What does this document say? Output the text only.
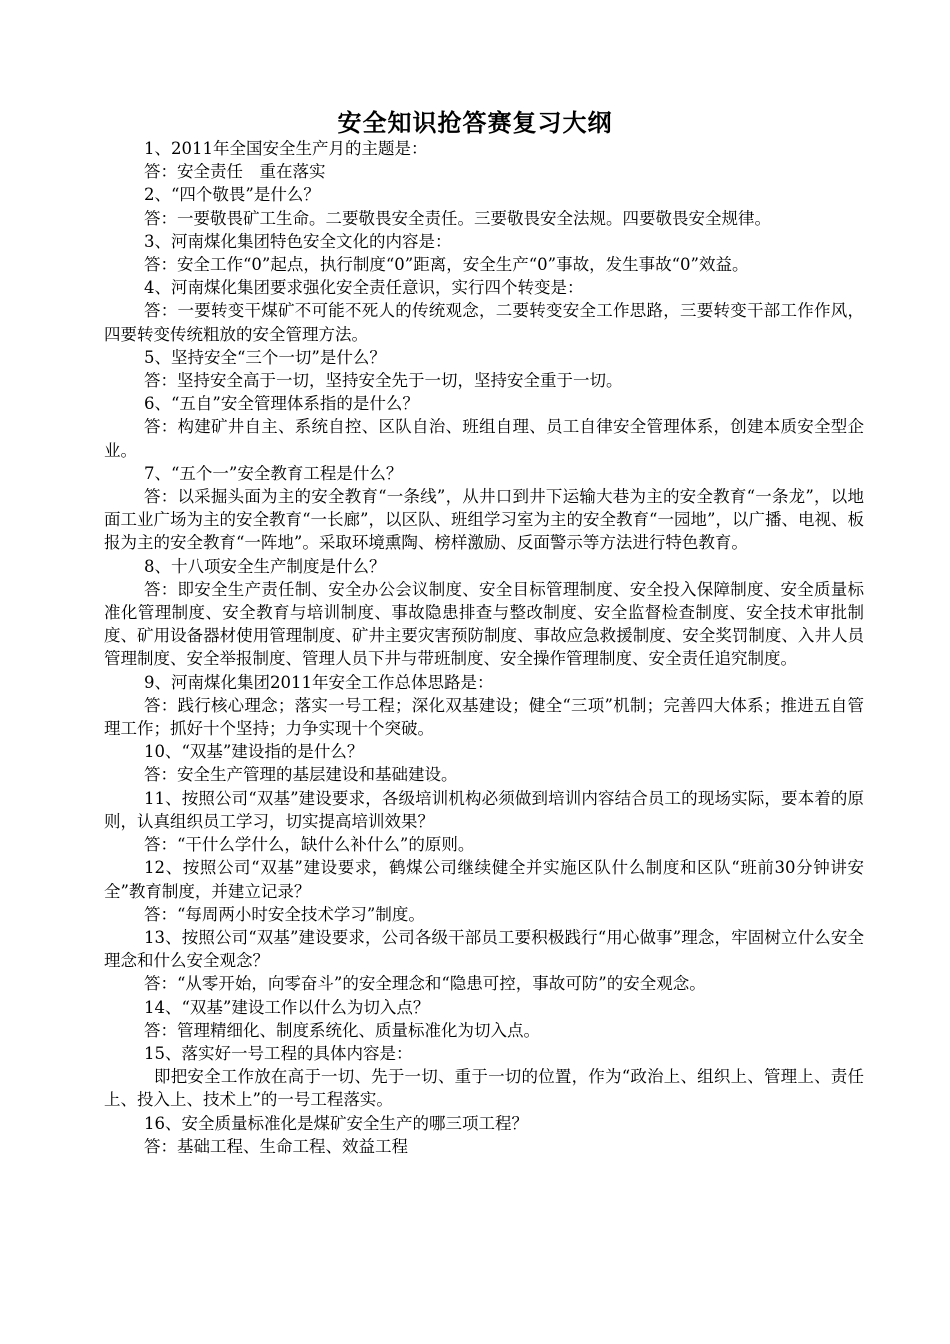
安全知识抢答赛复习大纲

1、2011年全国安全生产月的主题是：

答：安全责任　重在落实

2、“四个敬畏”是什么？

答：一要敬畏矿工生命。二要敬畏安全责任。三要敬畏安全法规。四要敬畏安全规律。

3、河南煤化集团特色安全文化的内容是：

答：安全工作“0”起点，执行制度“0”距离，安全生产“0”事故，发生事故“0”效益。

4、河南煤化集团要求强化安全责任意识，实行四个转变是：

答：一要转变干煤矿不可能不死人的传统观念，二要转变安全工作思路，三要转变干部工作作风，四要转变传统粗放的安全管理方法。

5、坚持安全“三个一切”是什么？

答：坚持安全高于一切，坚持安全先于一切，坚持安全重于一切。

6、“五自”安全管理体系指的是什么？

答：构建矿井自主、系统自控、区队自治、班组自理、员工自律安全管理体系，创建本质安全型企业。

7、“五个一”安全教育工程是什么？

答：以采掘头面为主的安全教育“一条线”，从井口到井下运输大巷为主的安全教育“一条龙”，以地面工业广场为主的安全教育“一长廊”，以区队、班组学习室为主的安全教育“一园地”，以广播、电视、板报为主的安全教育“一阵地”。采取环境熏陶、榜样激励、反面警示等方法进行特色教育。

8、十八项安全生产制度是什么？

答：即安全生产责任制、安全办公会议制度、安全目标管理制度、安全投入保障制度、安全质量标准化管理制度、安全教育与培训制度、事故隐患排查与整改制度、安全监督检查制度、安全技术审批制度、矿用设备器材使用管理制度、矿井主要灾害预防制度、事故应急救援制度、安全奖罚制度、入井人员管理制度、安全举报制度、管理人员下井与带班制度、安全操作管理制度、安全责任追究制度。

9、河南煤化集团2011年安全工作总体思路是：

答：践行核心理念；落实一号工程；深化双基建设；健全“三项”机制；完善四大体系；推进五自管理工作；抓好十个坚持；力争实现十个突破。

10、“双基”建设指的是什么？

答：安全生产管理的基层建设和基础建设。

11、按照公司“双基”建设要求，各级培训机构必须做到培训内容结合员工的现场实际，要本着的原则，认真组织员工学习，切实提高培训效果？

答：“干什么学什么，缺什么补什么”的原则。

12、按照公司“双基”建设要求，鹤煤公司继续健全并实施区队什么制度和区队“班前30分钟讲安全”教育制度，并建立记录？

答：“每周两小时安全技术学习”制度。

13、按照公司“双基”建设要求，公司各级干部员工要积极践行“用心做事”理念，牢固树立什么安全理念和什么安全观念？

答：“从零开始，向零奋斗”的安全理念和“隐患可控，事故可防”的安全观念。

14、“双基”建设工作以什么为切入点？

答：管理精细化、制度系统化、质量标准化为切入点。

15、落实好一号工程的具体内容是：

即把安全工作放在高于一切、先于一切、重于一切的位置，作为“政治上、组织上、管理上、责任上、投入上、技术上”的一号工程落实。

16、安全质量标准化是煤矿安全生产的哪三项工程？

答：基础工程、生命工程、效益工程
